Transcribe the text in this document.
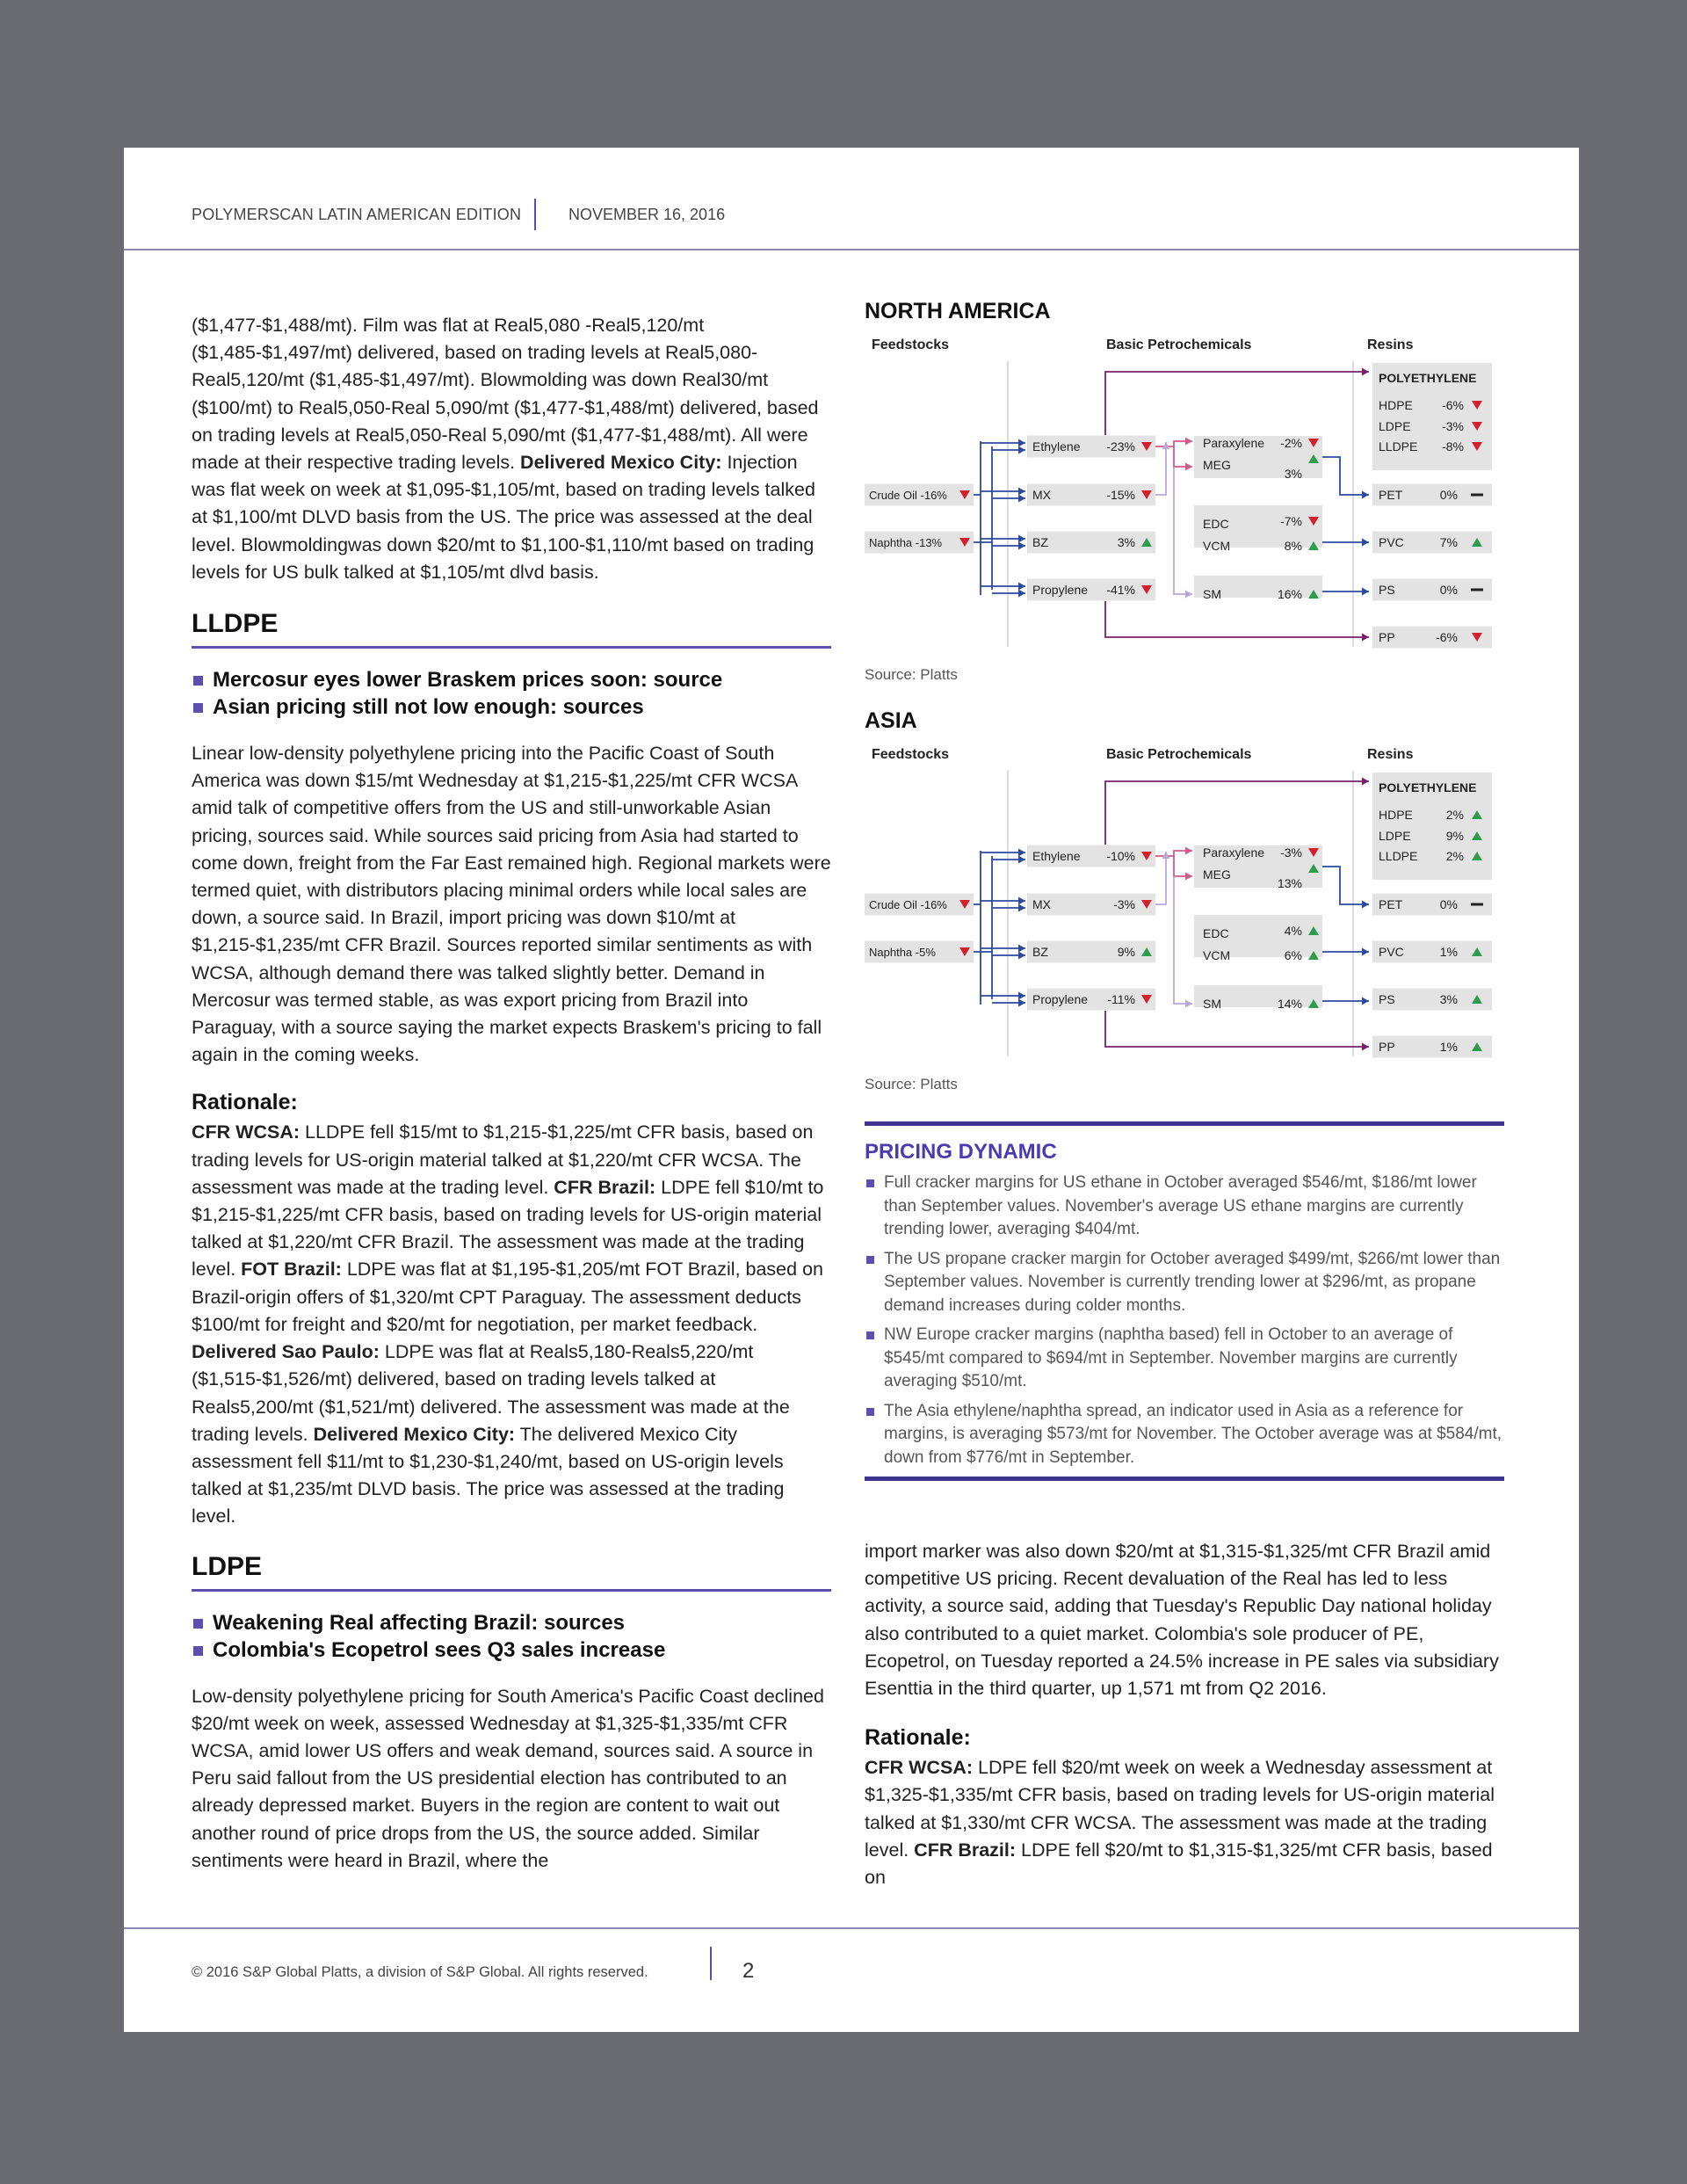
POLYMERSCAN LATIN AMERICAN EDITION	NOVEMBER 16, 2016

($1,477-$1,488/mt). Film was flat at Real5,080 -Real5,120/mt ($1,485-$1,497/mt) delivered, based on trading levels at Real5,080-Real5,120/mt ($1,485-$1,497/mt). Blowmolding was down Real30/mt ($100/mt) to Real5,050-Real 5,090/mt ($1,477-$1,488/mt) delivered, based on trading levels at Real5,050-Real 5,090/mt ($1,477-$1,488/mt). All were made at their respective trading levels. Delivered Mexico City: Injection was flat week on week at $1,095-$1,105/mt, based on trading levels talked at $1,100/mt DLVD basis from the US. The price was assessed at the deal level. Blowmoldingwas down $20/mt to $1,100-$1,110/mt based on trading levels for US bulk talked at $1,105/mt dlvd basis.

LLDPE
Mercosur eyes lower Braskem prices soon: source
Asian pricing still not low enough: sources

Linear low-density polyethylene pricing into the Pacific Coast of South America was down $15/mt Wednesday at $1,215-$1,225/mt CFR WCSA amid talk of competitive offers from the US and still-unworkable Asian pricing, sources said. While sources said pricing from Asia had started to come down, freight from the Far East remained high. Regional markets were termed quiet, with distributors placing minimal orders while local sales are down, a source said. In Brazil, import pricing was down $10/mt at $1,215-$1,235/mt CFR Brazil. Sources reported similar sentiments as with WCSA, although demand there was talked slightly better. Demand in Mercosur was termed stable, as was export pricing from Brazil into Paraguay, with a source saying the market expects Braskem's pricing to fall again in the coming weeks.

Rationale:

CFR WCSA: LLDPE fell $15/mt to $1,215-$1,225/mt CFR basis, based on trading levels for US-origin material talked at $1,220/mt CFR WCSA. The assessment was made at the trading level. CFR Brazil: LDPE fell $10/mt to $1,215-$1,225/mt CFR basis, based on trading levels for US-origin material talked at $1,220/mt CFR Brazil. The assessment was made at the trading level. FOT Brazil: LDPE was flat at $1,195-$1,205/mt FOT Brazil, based on Brazil-origin offers of $1,320/mt CPT Paraguay. The assessment deducts $100/mt for freight and $20/mt for negotiation, per market feedback. Delivered Sao Paulo: LDPE was flat at Reals5,180-Reals5,220/mt ($1,515-$1,526/mt) delivered, based on trading levels talked at Reals5,200/mt ($1,521/mt) delivered. The assessment was made at the trading levels. Delivered Mexico City: The delivered Mexico City assessment fell $11/mt to $1,230-$1,240/mt, based on US-origin levels talked at $1,235/mt DLVD basis. The price was assessed at the trading level.

LDPE
Weakening Real affecting Brazil: sources
Colombia's Ecopetrol sees Q3 sales increase

Low-density polyethylene pricing for South America's Pacific Coast declined $20/mt week on week, assessed Wednesday at $1,325-$1,335/mt CFR WCSA, amid lower US offers and weak demand, sources said. A source in Peru said fallout from the US presidential election has contributed to an already depressed market. Buyers in the region are content to wait out another round of price drops from the US, the source added. Similar sentiments were heard in Brazil, where the

NORTH AMERICA
Feedstocks	Basic Petrochemicals	Resins
Crude Oil -16%
Naphtha -13%
Ethylene -23%
MX	-15%
BZ	3%
Propylene -41%
Paraxylene -2%
MEG
3%
EDC	-7%
VCM	8%
SM	16%
POLYETHYLENE
HDPE -6%
LDPE	-3%
LLDPE -8%
PET	0%
PVC	7%
PS	0%
PP	-6%
Source: Platts
ASIA
Feedstocks	Basic Petrochemicals	Resins
Crude Oil -16%
Naphtha -5%
Ethylene -10%
MX	-3%
BZ	9%
Propylene -11%
Paraxylene -3%
MEG
13%
EDC	4%
VCM	6%
SM	14%
POLYETHYLENE
HDPE	2%
LDPE	9%
LLDPE 2%
PET	0%
PVC	1%
PS	3%
PP	1%
Source: Platts
PRICING DYNAMIC
Full cracker margins for US ethane in October averaged $546/mt, $186/mt lower than September values. November's average US ethane margins are currently trending lower, averaging $404/mt.
The US propane cracker margin for October averaged $499/mt, $266/mt lower than September values. November is currently trending lower at $296/mt, as propane demand increases during colder months.
NW Europe cracker margins (naphtha based) fell in October to an average of $545/mt compared to $694/mt in September. November margins are currently averaging $510/mt.
The Asia ethylene/naphtha spread, an indicator used in Asia as a reference for margins, is averaging $573/mt for November. The October average was at $584/mt, down from $776/mt in September.

import marker was also down $20/mt at $1,315-$1,325/mt CFR Brazil amid competitive US pricing. Recent devaluation of the Real has led to less activity, a source said, adding that Tuesday's Republic Day national holiday also contributed to a quiet market. Colombia's sole producer of PE, Ecopetrol, on Tuesday reported a 24.5% increase in PE sales via subsidiary Esenttia in the third quarter, up 1,571 mt from Q2 2016.

Rationale:

CFR WCSA: LDPE fell $20/mt week on week a Wednesday assessment at $1,325-$1,335/mt CFR basis, based on trading levels for US-origin material talked at $1,330/mt CFR WCSA. The assessment was made at the trading level. CFR Brazil: LDPE fell $20/mt to $1,315-$1,325/mt CFR basis, based on

© 2016 S&P Global Platts, a division of S&P Global. All rights reserved.	2
